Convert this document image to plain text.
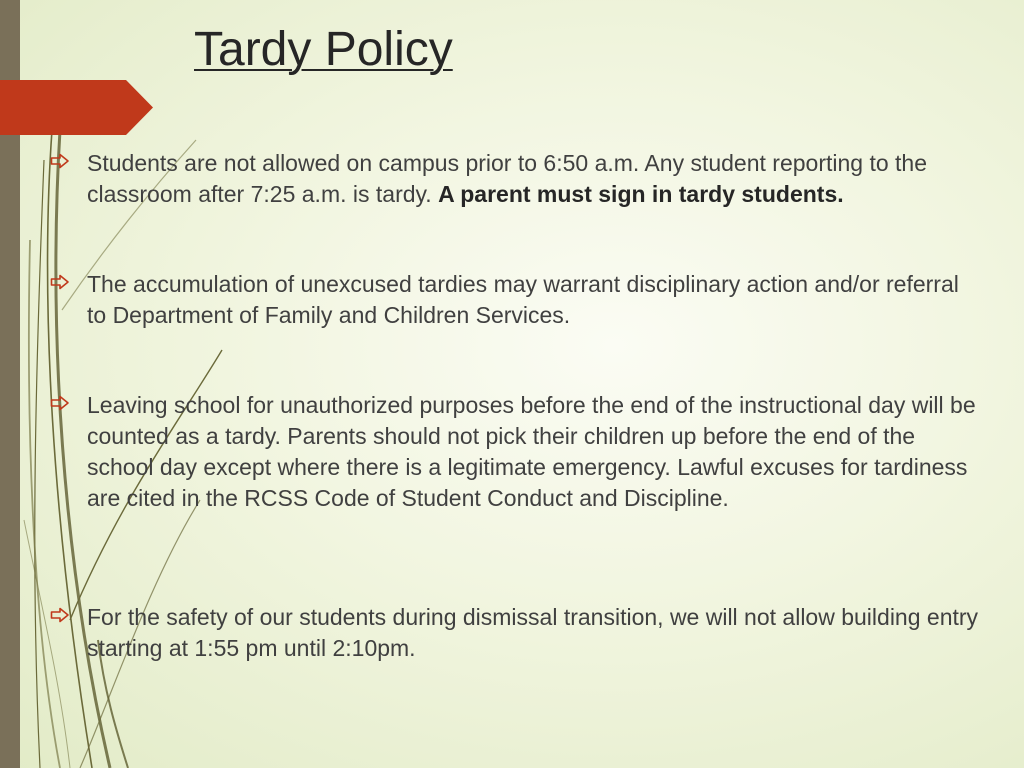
Tardy Policy

Students are not allowed on campus prior to 6:50 a.m. Any student reporting to the classroom after 7:25 a.m. is tardy. A parent must sign in tardy students.

The accumulation of unexcused tardies may warrant disciplinary action and/or referral to Department of Family and Children Services.

Leaving school for unauthorized purposes before the end of the instructional day will be counted as a tardy. Parents should not pick their children up before the end of the school day except where there is a legitimate emergency. Lawful excuses for tardiness are cited in the RCSS Code of Student Conduct and Discipline.

For the safety of our students during dismissal transition, we will not allow building entry starting at 1:55 pm until 2:10pm.
